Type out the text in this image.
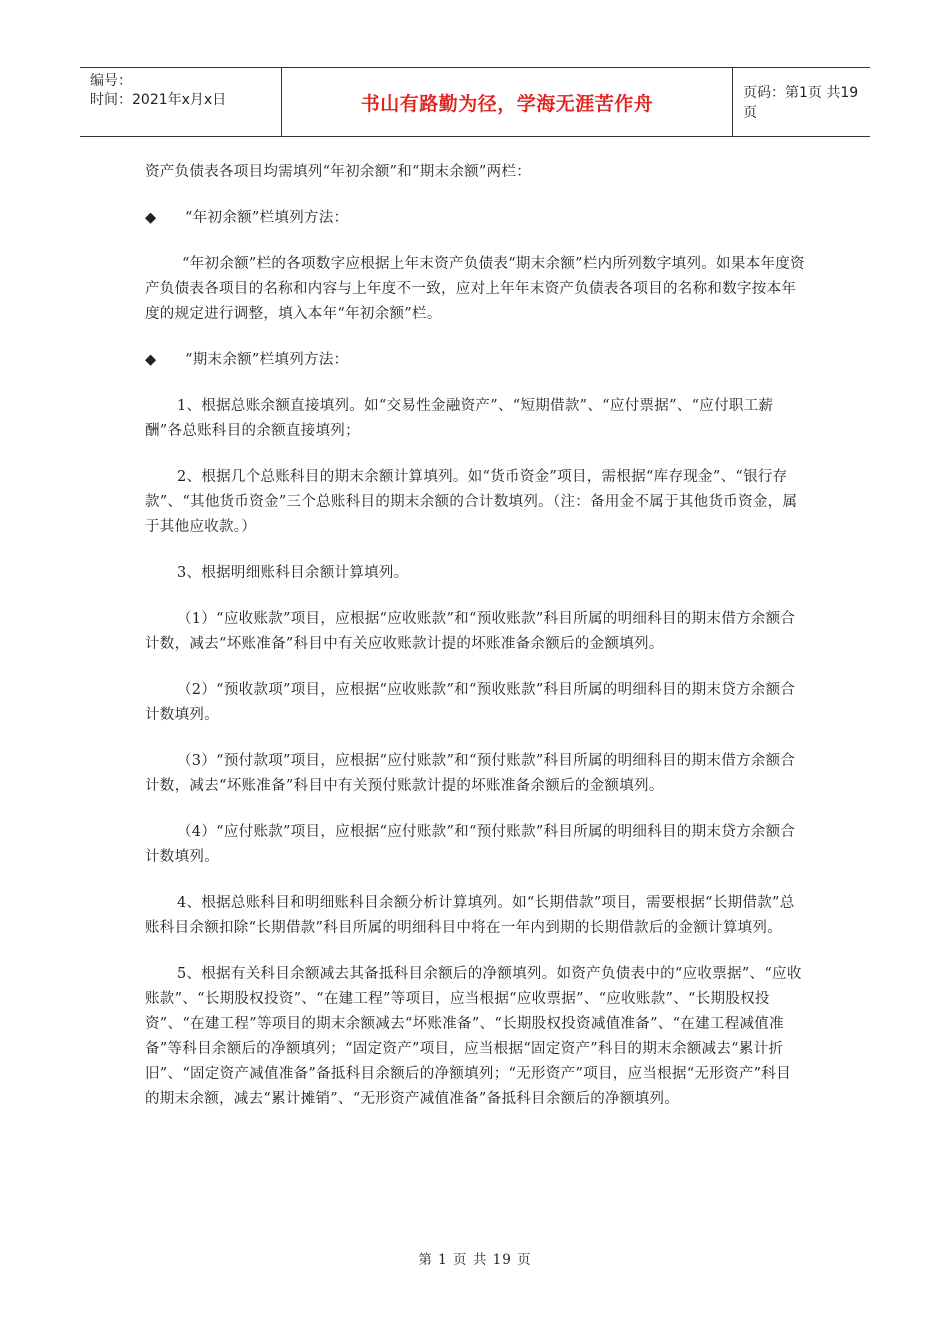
编号：
时间：2021年x月x日	书山有路勤为径，学海无涯苦作舟	页码：第1页 共19页

资产负债表各项目均需填列“年初余额”和“期末余额”两栏：

◆	“年初余额”栏填列方法：

“年初余额”栏的各项数字应根据上年末资产负债表“期末余额”栏内所列数字填列。如果本年度资产负债表各项目的名称和内容与上年度不一致，应对上年年末资产负债表各项目的名称和数字按本年度的规定进行调整，填入本年“年初余额”栏。

◆	“期末余额”栏填列方法：

1、根据总账余额直接填列。如“交易性金融资产”、“短期借款”、“应付票据”、“应付职工薪酬”各总账科目的余额直接填列；

2、根据几个总账科目的期末余额计算填列。如“货币资金”项目，需根据“库存现金”、“银行存款”、“其他货币资金”三个总账科目的期末余额的合计数填列。（注：备用金不属于其他货币资金，属于其他应收款。）

3、根据明细账科目余额计算填列。

（1）“应收账款”项目，应根据“应收账款”和“预收账款”科目所属的明细科目的期末借方余额合计数，减去“坏账准备”科目中有关应收账款计提的坏账准备余额后的金额填列。

（2）“预收款项”项目，应根据“应收账款”和“预收账款”科目所属的明细科目的期末贷方余额合计数填列。

（3）“预付款项”项目，应根据“应付账款”和“预付账款”科目所属的明细科目的期末借方余额合计数，减去“坏账准备”科目中有关预付账款计提的坏账准备余额后的金额填列。

（4）“应付账款”项目，应根据“应付账款”和“预付账款”科目所属的明细科目的期末贷方余额合计数填列。

4、根据总账科目和明细账科目余额分析计算填列。如“长期借款”项目，需要根据“长期借款”总账科目余额扣除“长期借款”科目所属的明细科目中将在一年内到期的长期借款后的金额计算填列。

5、根据有关科目余额减去其备抵科目余额后的净额填列。如资产负债表中的“应收票据”、“应收账款”、“长期股权投资”、“在建工程”等项目，应当根据“应收票据”、“应收账款”、“长期股权投资”、“在建工程”等项目的期末余额减去“坏账准备”、“长期股权投资减值准备”、“在建工程减值准备”等科目余额后的净额填列；“固定资产”项目，应当根据“固定资产”科目的期末余额减去“累计折旧”、“固定资产减值准备”备抵科目余额后的净额填列；“无形资产”项目，应当根据“无形资产”科目的期末余额，减去“累计摊销”、“无形资产减值准备”备抵科目余额后的净额填列。

第 1 页 共 19 页
